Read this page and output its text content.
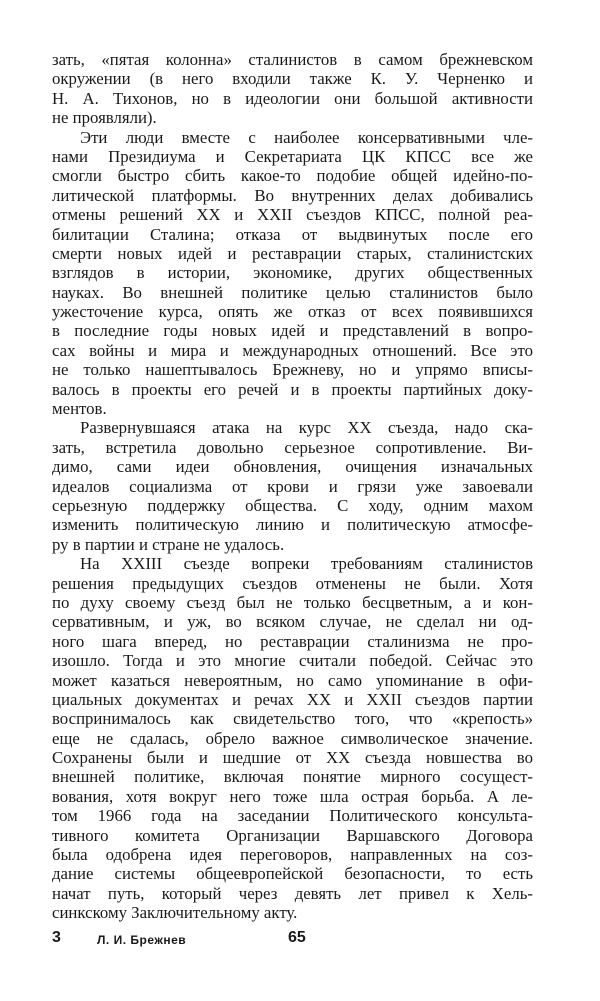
зать, «пятая колонна» сталинистов в самом брежневском
окружении (в него входили также К. У. Черненко и
Н. А. Тихонов, но в идеологии они большой активности
не проявляли).
Эти люди вместе с наиболее консервативными чле-
нами Президиума и Секретариата ЦК КПСС все же
смогли быстро сбить какое-то подобие общей идейно-по-
литической платформы. Во внутренних делах добивались
отмены решений XX и XXII съездов КПСС, полной реа-
билитации Сталина; отказа от выдвинутых после его
смерти новых идей и реставрации старых, сталинистских
взглядов в истории, экономике, других общественных
науках. Во внешней политике целью сталинистов было
ужесточение курса, опять же отказ от всех появившихся
в последние годы новых идей и представлений в вопро-
сах войны и мира и международных отношений. Все это
не только нашептывалось Брежневу, но и упрямо вписы-
валось в проекты его речей и в проекты партийных доку-
ментов.
Развернувшаяся атака на курс XX съезда, надо ска-
зать, встретила довольно серьезное сопротивление. Ви-
димо, сами идеи обновления, очищения изначальных
идеалов социализма от крови и грязи уже завоевали
серьезную поддержку общества. С ходу, одним махом
изменить политическую линию и политическую атмосфе-
ру в партии и стране не удалось.
На XXIII съезде вопреки требованиям сталинистов
решения предыдущих съездов отменены не были. Хотя
по духу своему съезд был не только бесцветным, а и кон-
сервативным, и уж, во всяком случае, не сделал ни од-
ного шага вперед, но реставрации сталинизма не про-
изошло. Тогда и это многие считали победой. Сейчас это
может казаться невероятным, но само упоминание в офи-
циальных документах и речах XX и XXII съездов партии
воспринималось как свидетельство того, что «крепость»
еще не сдалась, обрело важное символическое значение.
Сохранены были и шедшие от XX съезда новшества во
внешней политике, включая понятие мирного сосущест-
вования, хотя вокруг него тоже шла острая борьба. А ле-
том 1966 года на заседании Политического консульта-
тивного комитета Организации Варшавского Договора
была одобрена идея переговоров, направленных на соз-
дание системы общеевропейской безопасности, то есть
начат путь, который через девять лет привел к Хель-
синкскому Заключительному акту.
3	Л. И. Брежнев	65
